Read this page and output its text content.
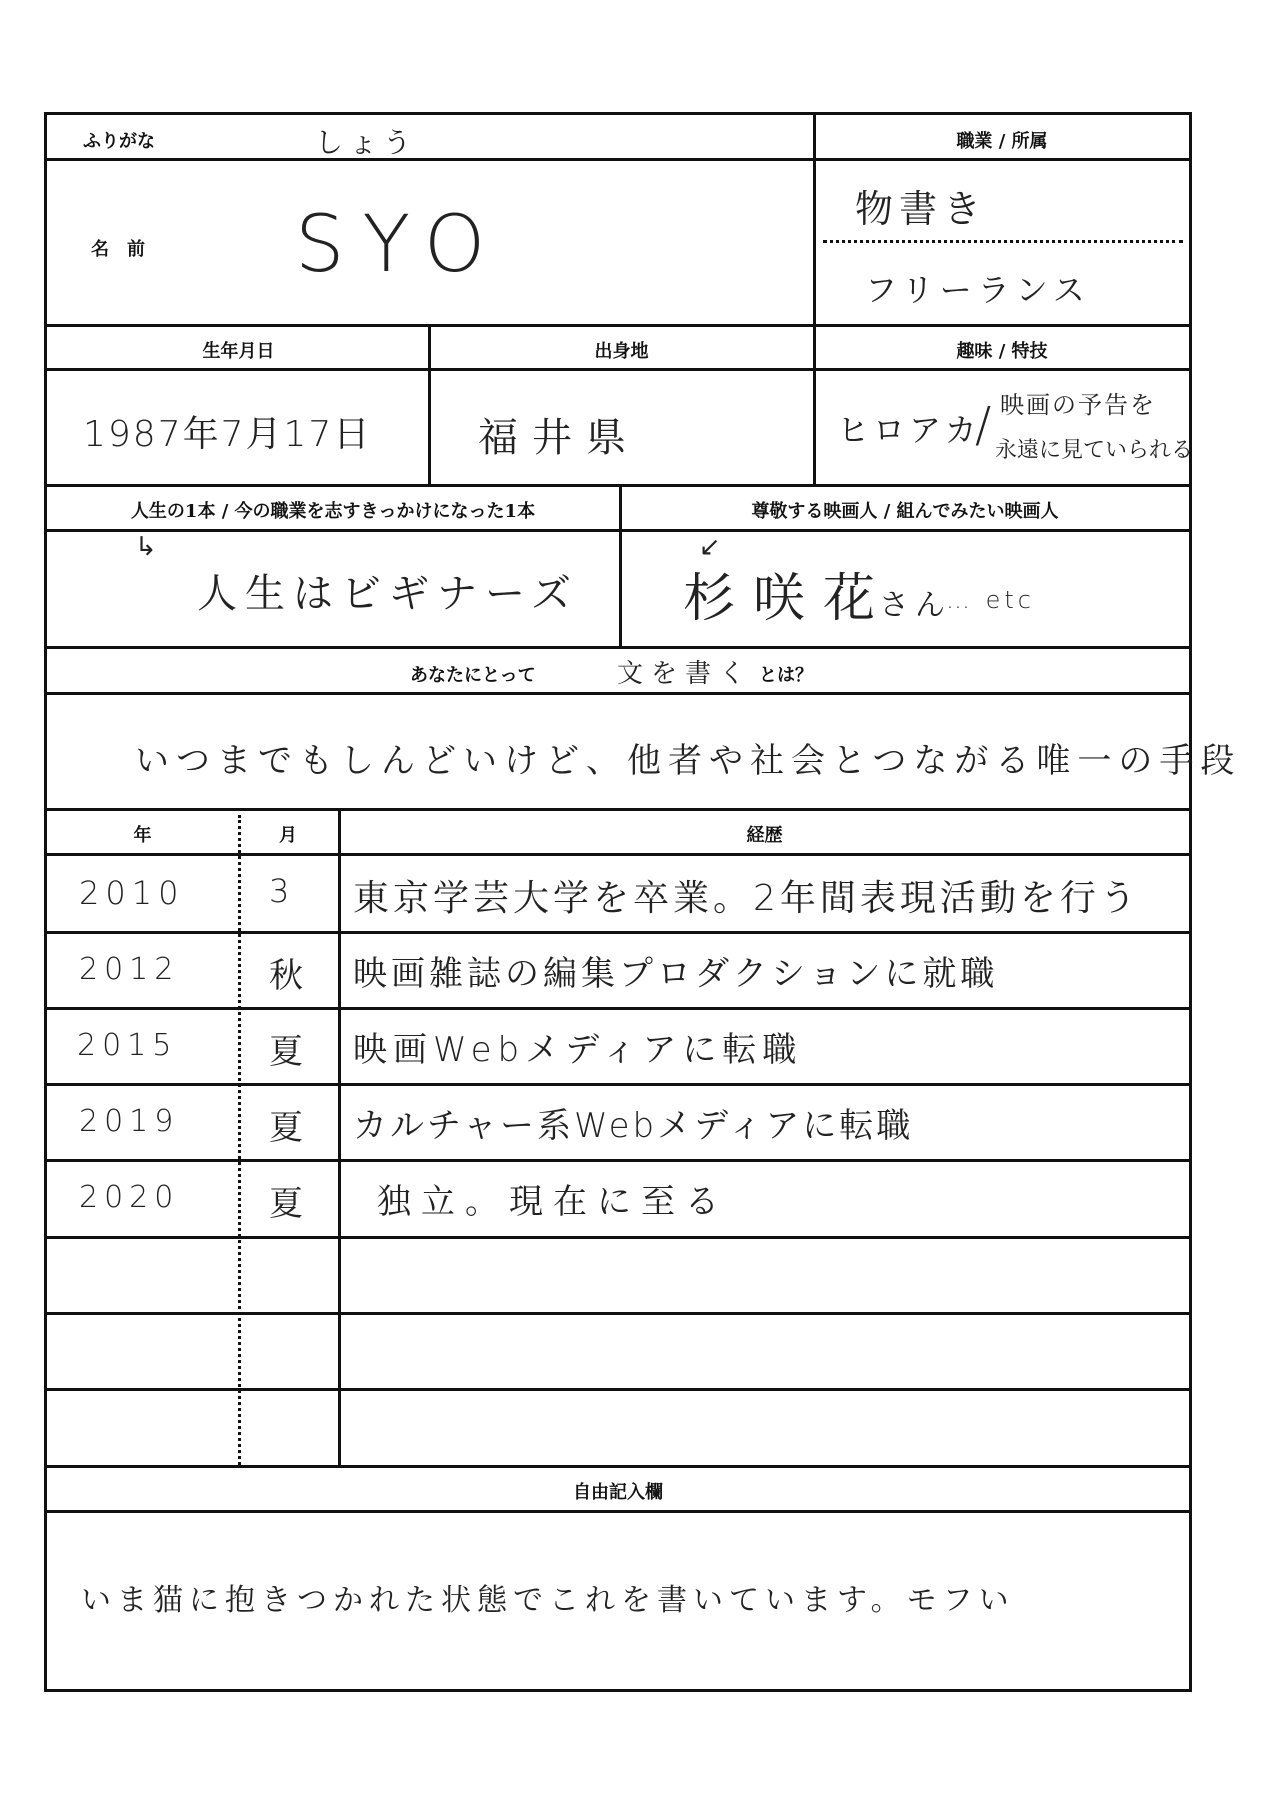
ふりがな	しょう	職業 / 所属
名　前 SYO	物書き
フリーランス
生年月日	出身地	趣味 / 特技
1987年7月17日	福井県	ヒロアカ
/ 映画の予告を
永遠に見ていられる
人生の1本 / 今の職業を志すきっかけになった1本	尊敬する映画人 / 組んでみたい映画人
↳
人生はビギナーズ
↙
杉咲花
さん
… etc
あなたにとって	文を書く とは？
いつまでもしんどいけど、他者や社会とつながる唯一の手段
年	月	経歴
2010	3 東京学芸大学を卒業。2年間表現活動を行う
2012	秋 映画雑誌の編集プロダクションに就職
2015	夏 映画Webメディアに転職
2019	夏 カルチャー系Webメディアに転職
2020	夏 独立。現在に至る
自由記入欄
いま猫に抱きつかれた状態でこれを書いています。モフい
